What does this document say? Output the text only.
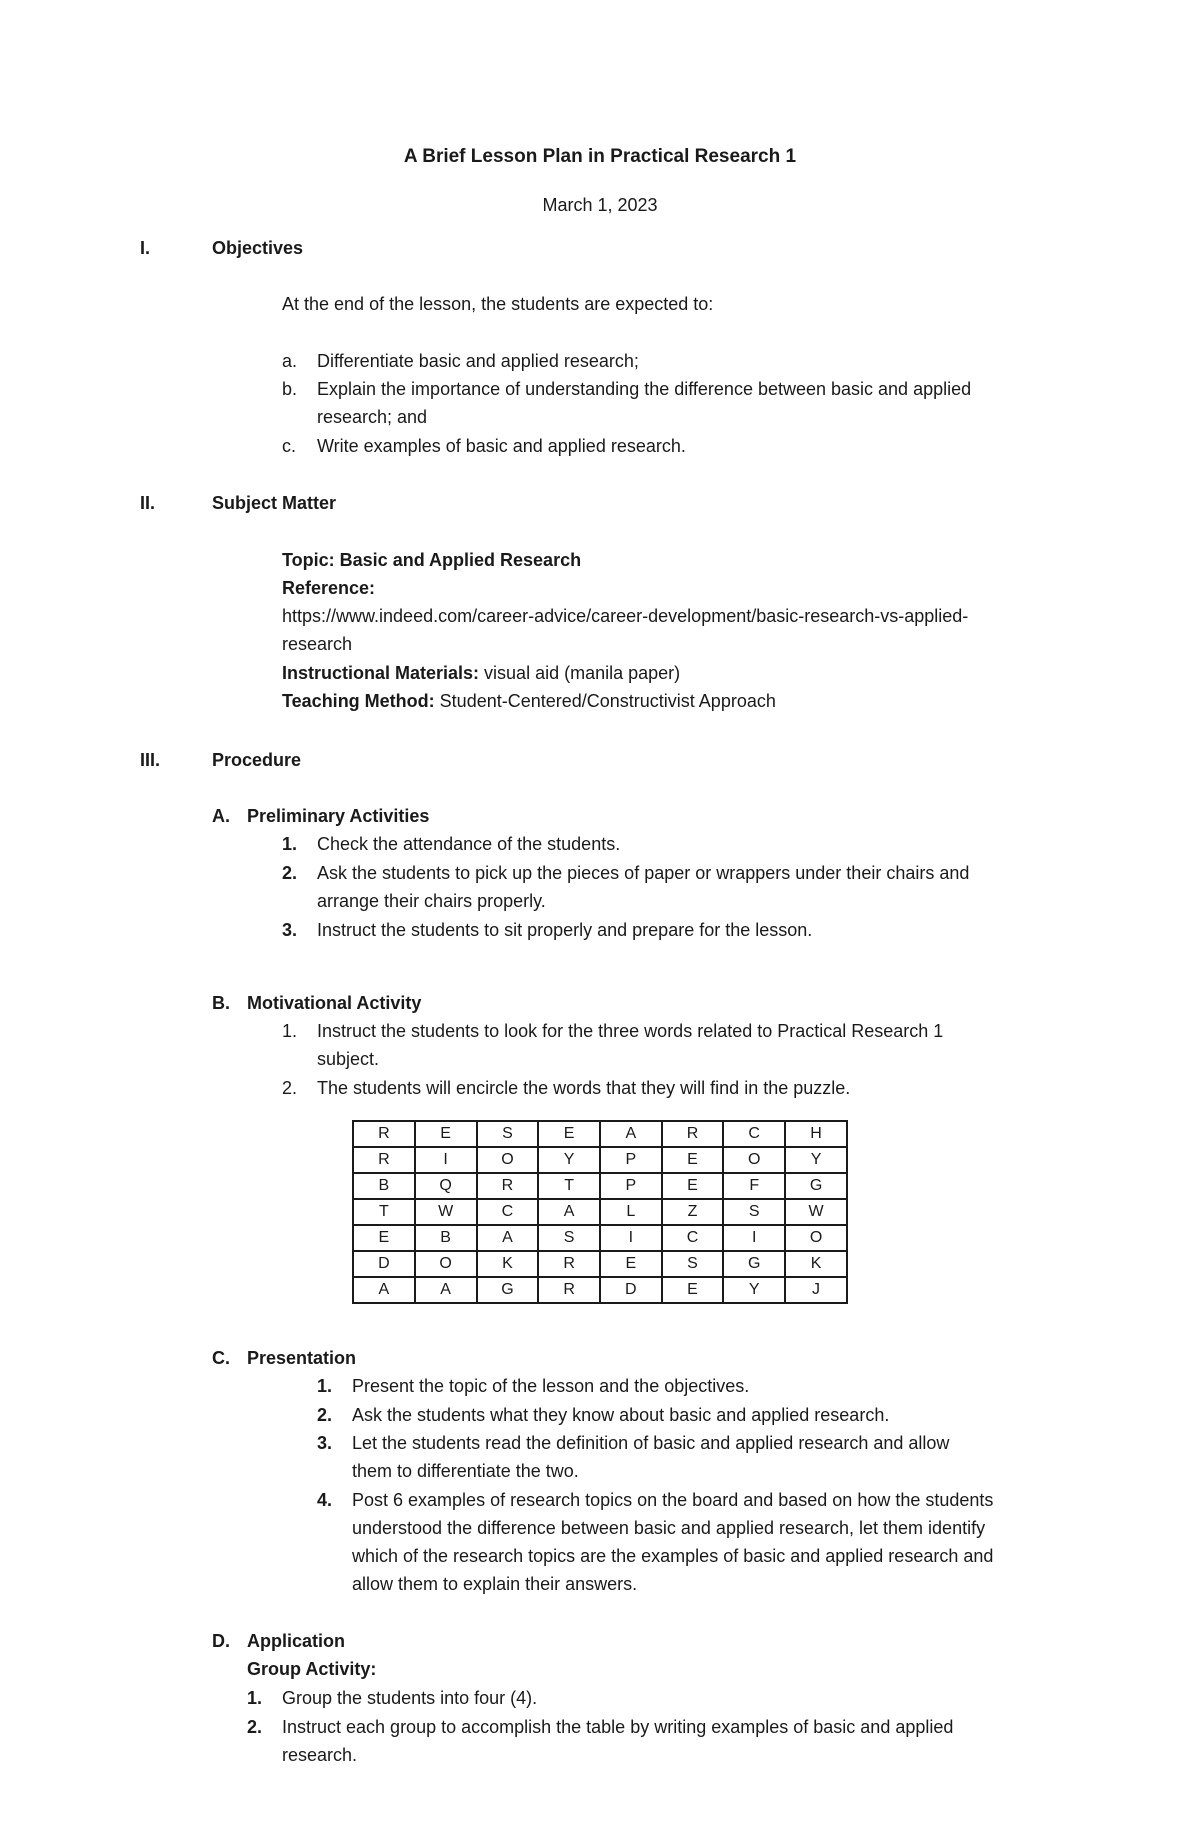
A Brief Lesson Plan in Practical Research 1
March 1, 2023
I.	Objectives
At the end of the lesson, the students are expected to:
a. Differentiate basic and applied research;
b. Explain the importance of understanding the difference between basic and applied
research; and
c. Write examples of basic and applied research.
II.	Subject Matter
Topic: Basic and Applied Research
Reference:
https://www.indeed.com/career-advice/career-development/basic-research-vs-applied-
research
Instructional Materials: visual aid (manila paper)
Teaching Method: Student-Centered/Constructivist Approach
III.	Procedure
A. Preliminary Activities
1. Check the attendance of the students.
2. Ask the students to pick up the pieces of paper or wrappers under their chairs and
arrange their chairs properly.
3. Instruct the students to sit properly and prepare for the lesson.
B. Motivational Activity
1. Instruct the students to look for the three words related to Practical Research 1
subject.
2. The students will encircle the words that they will find in the puzzle.
R	E	S	E	A	R	C	H
R	I	O	Y	P	E	O	Y
B	Q	R	T	P	E	F	G
T	W	C	A	L	Z	S	W
E	B	A	S	I	C	I	O
D	O	K	R	E	S	G	K
A	A	G	R	D	E	Y	J
C. Presentation
1. Present the topic of the lesson and the objectives.
2. Ask the students what they know about basic and applied research.
3. Let the students read the definition of basic and applied research and allow
them to differentiate the two.
4. Post 6 examples of research topics on the board and based on how the students
understood the difference between basic and applied research, let them identify
which of the research topics are the examples of basic and applied research and
allow them to explain their answers.
D. Application
Group Activity:
1. Group the students into four (4).
2. Instruct each group to accomplish the table by writing examples of basic and applied
research.
